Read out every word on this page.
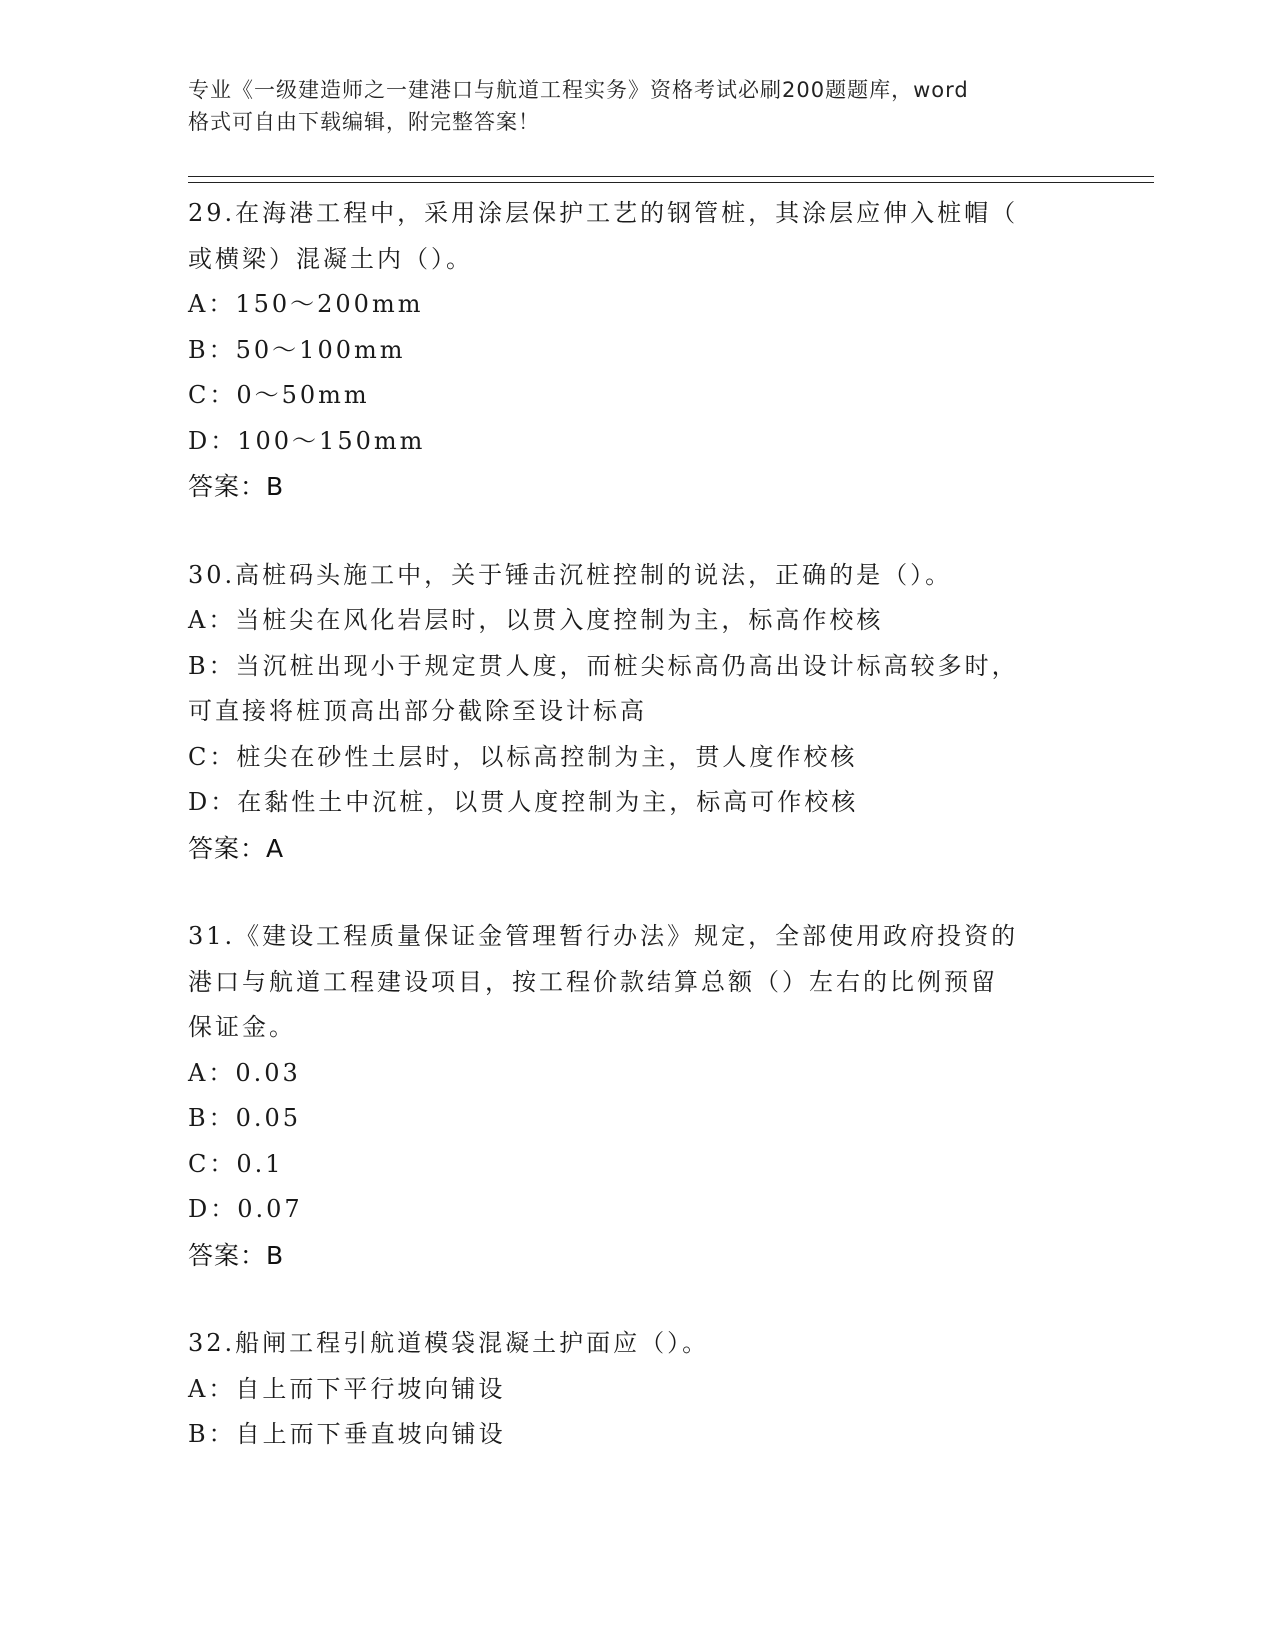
专业《一级建造师之一建港口与航道工程实务》资格考试必刷200题题库，word
格式可自由下载编辑，附完整答案！
29.在海港工程中，采用涂层保护工艺的钢管桩，其涂层应伸入桩帽（
或横梁）混凝土内（）。
A：150～200mm
B：50～100mm
C：0～50mm
D：100～150mm
答案：B
30.高桩码头施工中，关于锤击沉桩控制的说法，正确的是（）。
A：当桩尖在风化岩层时，以贯入度控制为主，标高作校核
B：当沉桩出现小于规定贯人度，而桩尖标高仍高出设计标高较多时，
可直接将桩顶高出部分截除至设计标高
C：桩尖在砂性土层时，以标高控制为主，贯人度作校核
D：在黏性土中沉桩，以贯人度控制为主，标高可作校核
答案：A
31.《建设工程质量保证金管理暂行办法》规定，全部使用政府投资的
港口与航道工程建设项目，按工程价款结算总额（）左右的比例预留
保证金。
A：0.03
B：0.05
C：0.1
D：0.07
答案：B
32.船闸工程引航道模袋混凝土护面应（）。
A：自上而下平行坡向铺设
B：自上而下垂直坡向铺设
